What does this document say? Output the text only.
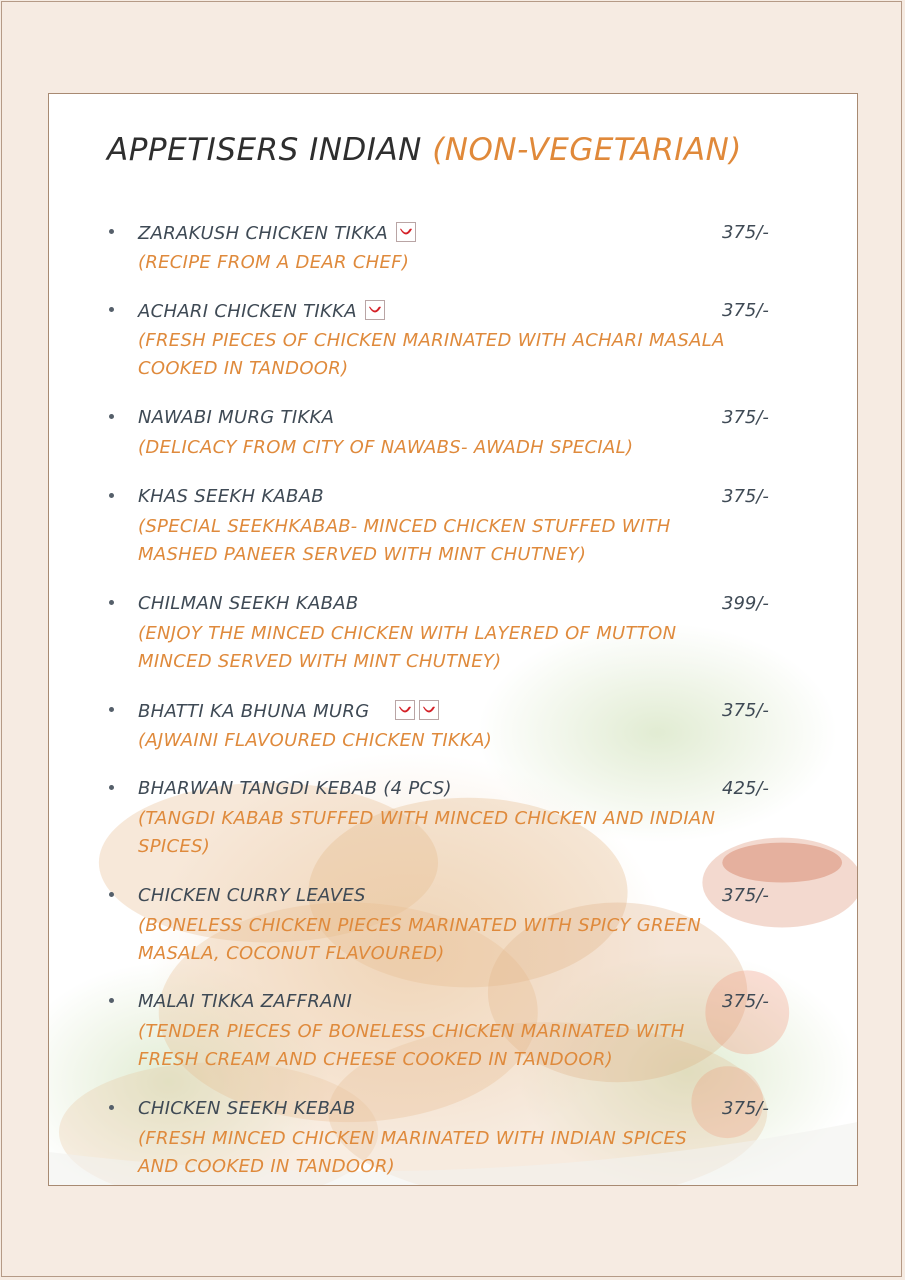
APPETISERS INDIAN (NON-VEGETARIAN)
ZARAKUSH CHICKEN TIKKA
(RECIPE FROM A DEAR CHEF)
375/-
ACHARI CHICKEN TIKKA
(FRESH PIECES OF CHICKEN MARINATED WITH ACHARI MASALA COOKED IN TANDOOR)
375/-
NAWABI MURG TIKKA
(DELICACY FROM CITY OF NAWABS- AWADH SPECIAL)
375/-
KHAS SEEKH KABAB
(SPECIAL SEEKHKABAB- MINCED CHICKEN STUFFED WITH MASHED PANEER SERVED WITH MINT CHUTNEY)
375/-
CHILMAN SEEKH KABAB
(ENJOY THE MINCED CHICKEN WITH LAYERED OF MUTTON MINCED SERVED WITH MINT CHUTNEY)
399/-
BHATTI KA BHUNA MURG
(AJWAINI FLAVOURED CHICKEN TIKKA)
375/-
BHARWAN TANGDI KEBAB (4 PCS)
(TANGDI KABAB STUFFED WITH MINCED CHICKEN AND INDIAN SPICES)
425/-
CHICKEN CURRY LEAVES
(BONELESS CHICKEN PIECES MARINATED WITH SPICY GREEN MASALA, COCONUT FLAVOURED)
375/-
MALAI TIKKA ZAFFRANI
(TENDER PIECES OF BONELESS CHICKEN MARINATED WITH FRESH CREAM AND CHEESE COOKED IN TANDOOR)
375/-
CHICKEN SEEKH KEBAB
(FRESH MINCED CHICKEN MARINATED WITH INDIAN SPICES AND COOKED IN TANDOOR)
375/-
